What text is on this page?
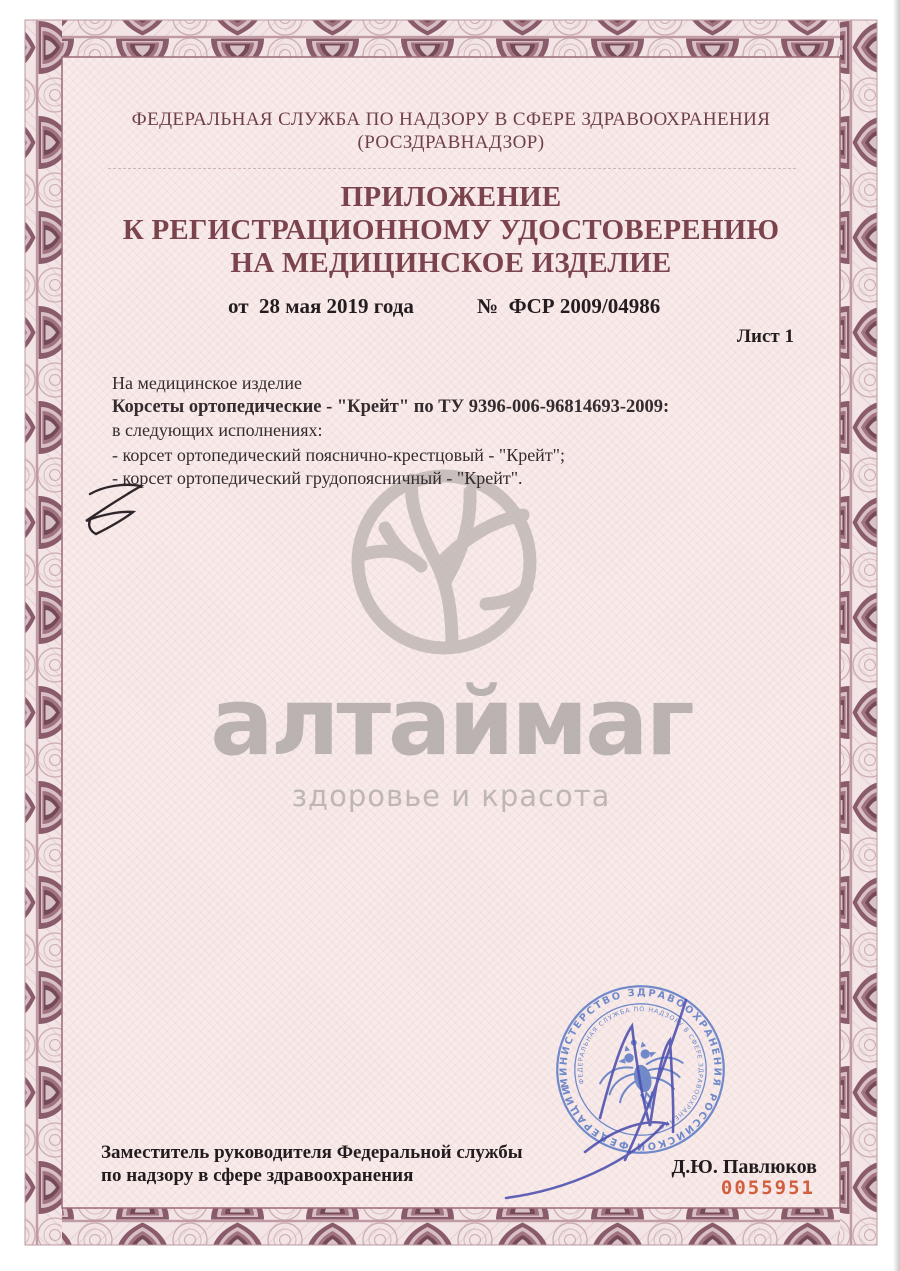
алтаймаг
здоровье и красота
ФЕДЕРАЛЬНАЯ СЛУЖБА ПО НАДЗОРУ В СФЕРЕ ЗДРАВООХРАНЕНИЯ
(РОСЗДРАВНАДЗОР)
ПРИЛОЖЕНИЕ
К РЕГИСТРАЦИОННОМУ УДОСТОВЕРЕНИЮ
НА МЕДИЦИНСКОЕ ИЗДЕЛИЕ
от  28 мая 2019 года	№  ФСР 2009/04986
Лист 1
На медицинское изделие
Корсеты ортопедические - "Крейт" по ТУ 9396-006-96814693-2009:
в следующих исполнениях:
- корсет ортопедический пояснично-крестцовый - "Крейт";
- корсет ортопедический грудопоясничный - "Крейт".
Заместитель руководителя Федеральной службы
по надзору в сфере здравоохранения	Д.Ю. Павлюков
0055951
МИНИСТЕРСТВО ЗДРАВООХРАНЕНИЯ РОССИЙСКОЙ ФЕДЕРАЦИИ
ФЕДЕРАЛЬНАЯ СЛУЖБА ПО НАДЗОРУ В СФЕРЕ ЗДРАВООХРАНЕНИЯ
